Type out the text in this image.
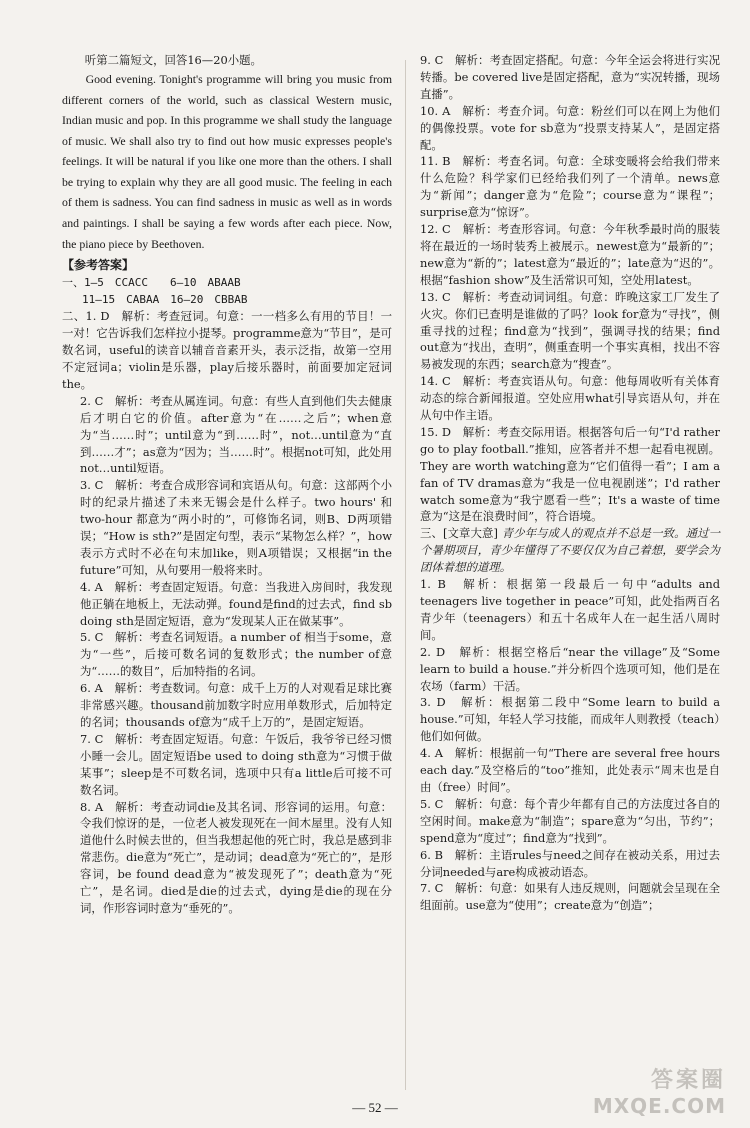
听第二篇短文，回答16—20小题。

Good evening. Tonight's programme will bring you music from different corners of the world, such as classical Western music, Indian music and pop. In this programme we shall study the language of music. We shall also try to find out how music expresses people's feelings. It will be natural if you like one more than the others. I shall be trying to explain why they are all good music. The feeling in each of them is sadness. You can find sadness in music as well as in words and paintings. I shall be saying a few words after each piece. Now, the piano piece by Beethoven.

【参考答案】
一、1—5　CCACC　　6—10　ABAAB
11—15　CABAA　16—20　CBBAB

二、1. D　解析：考查冠词。句意：一一档多么有用的节目！一一对！它告诉我们怎样拉小提琴。programme意为“节目”，是可数名词，useful的读音以辅音音素开头，表示泛指，故第一空用不定冠词a；violin是乐器，play后接乐器时，前面要加定冠词the。

2. C　解析：考查从属连词。句意：有些人直到他们失去健康后才明白它的价值。after意为“在……之后”；when意为“当……时”；until意为“到……时”，not…until意为“直到……才”；as意为“因为；当……时”。根据not可知，此处用not…until短语。

3. C　解析：考查合成形容词和宾语从句。句意：这部两个小时的纪录片描述了未来无锡会是什么样子。two hours' 和 two-hour 都意为“两小时的”，可修饰名词，则B、D两项错误；“How is sth?”是固定句型，表示“某物怎么样？”，how表示方式时不必在句末加like，则A项错误；又根据“in the future”可知，从句要用一般将来时。

4. A　解析：考查固定短语。句意：当我进入房间时，我发现他正躺在地板上，无法动弹。found是find的过去式，find sb doing sth是固定短语，意为“发现某人正在做某事”。

5. C　解析：考查名词短语。a number of 相当于some，意为“一些”，后接可数名词的复数形式；the number of意为“……的数目”，后加特指的名词。

6. A　解析：考查数词。句意：成千上万的人对观看足球比赛非常感兴趣。thousand前加数字时应用单数形式，后加特定的名词；thousands of意为“成千上万的”，是固定短语。

7. C　解析：考查固定短语。句意：午饭后，我爷爷已经习惯小睡一会儿。固定短语be used to doing sth意为“习惯于做某事”；sleep是不可数名词，选项中只有a little后可接不可数名词。

8. A　解析：考查动词die及其名词、形容词的运用。句意：令我们惊讶的是，一位老人被发现死在一间木屋里。没有人知道他什么时候去世的，但当我想起他的死亡时，我总是感到非常悲伤。die意为“死亡”，是动词；dead意为“死亡的”，是形容词，be found dead意为“被发现死了”；death意为“死亡”，是名词。died是die的过去式，dying是die的现在分词，作形容词时意为“垂死的”。

9. C　解析：考查固定搭配。句意：今年全运会将进行实况转播。be covered live是固定搭配，意为“实况转播，现场直播”。

10. A　解析：考查介词。句意：粉丝们可以在网上为他们的偶像投票。vote for sb意为“投票支持某人”，是固定搭配。

11. B　解析：考查名词。句意：全球变暖将会给我们带来什么危险？科学家们已经给我们列了一个清单。news意为“新闻”；danger意为“危险”；course意为“课程”；surprise意为“惊讶”。

12. C　解析：考查形容词。句意：今年秋季最时尚的服装将在最近的一场时装秀上被展示。newest意为“最新的”；new意为“新的”；latest意为“最近的”；late意为“迟的”。根据“fashion show”及生活常识可知，空处用latest。

13. C　解析：考查动词词组。句意：昨晚这家工厂发生了火灾。你们已查明是谁做的了吗？look for意为“寻找”，侧重寻找的过程；find意为“找到”，强调寻找的结果；find out意为“找出，查明”，侧重查明一个事实真相，找出不容易被发现的东西；search意为“搜查”。

14. C　解析：考查宾语从句。句意：他每周收听有关体育动态的综合新闻报道。空处应用what引导宾语从句，并在从句中作主语。

15. D　解析：考查交际用语。根据答句后一句“I'd rather go to play football.”推知，应答者并不想一起看电视剧。They are worth watching意为“它们值得一看”；I am a fan of TV dramas意为“我是一位电视剧迷”；I'd rather watch some意为“我宁愿看一些”；It's a waste of time意为“这是在浪费时间”，符合语境。

三、[文章大意] 青少年与成人的观点并不总是一致。通过一个暑期项目，青少年懂得了不要仅仅为自己着想，要学会为团体着想的道理。

1. B　解析：根据第一段最后一句中“adults and teenagers live together in peace”可知，此处指两百名青少年（teenagers）和五十名成年人在一起生活八周时间。

2. D　解析：根据空格后“near the village”及“Some learn to build a house.”并分析四个选项可知，他们是在农场（farm）干活。

3. D　解析：根据第二段中“Some learn to build a house.”可知，年轻人学习技能，而成年人则教授（teach）他们如何做。

4. A　解析：根据前一句“There are several free hours each day.”及空格后的“too”推知，此处表示“周末也是自由（free）时间”。

5. C　解析：句意：每个青少年都有自己的方法度过各自的空闲时间。make意为“制造”；spare意为“匀出，节约”；spend意为“度过”；find意为“找到”。

6. B　解析：主语rules与need之间存在被动关系，用过去分词needed与are构成被动语态。

7. C　解析：句意：如果有人违反规则，问题就会呈现在全组面前。use意为“使用”；create意为“创造”；

— 52 —
答案圈
MXQE.COM
